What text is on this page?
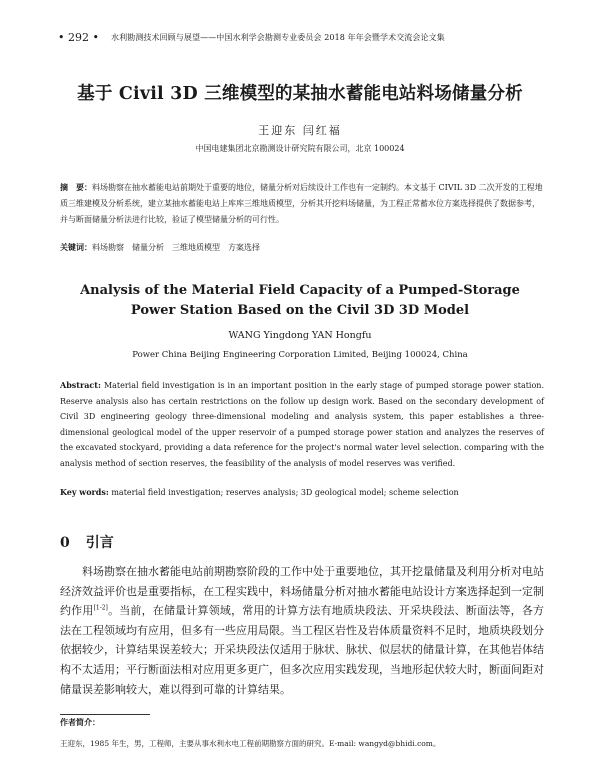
• 292 • 水利勘测技术回顾与展望——中国水利学会勘测专业委员会 2018 年年会暨学术交流会论文集
基于 Civil 3D 三维模型的某抽水蓄能电站料场储量分析
王迎东 闫红福
中国电建集团北京勘测设计研究院有限公司，北京 100024
摘　要：料场勘察在抽水蓄能电站前期处于重要的地位，储量分析对后续设计工作也有一定制约。本文基于 CIVIL 3D 二次开发的工程地质三维建模及分析系统，建立某抽水蓄能电站上库库三维地质模型，分析其开挖料场储量，为工程正常蓄水位方案选择提供了数据参考，并与断面储量分析法进行比较，验证了模型储量分析的可行性。
关键词：料场勘察 储量分析 三维地质模型 方案选择
Analysis of the Material Field Capacity of a Pumped-Storage
Power Station Based on the Civil 3D 3D Model
WANG Yingdong YAN Hongfu
Power China Beijing Engineering Corporation Limited, Beijing 100024, China
Abstract: Material field investigation is in an important position in the early stage of pumped storage power station. Reserve analysis also has certain restrictions on the follow up design work. Based on the secondary development of Civil 3D engineering geology three-dimensional modeling and analysis system, this paper establishes a three-dimensional geological model of the upper reservoir of a pumped storage power station and analyzes the reserves of the excavated stockyard, providing a data reference for the project's normal water level selection. comparing with the analysis method of section reserves, the feasibility of the analysis of model reserves was verified.
Key words: material field investigation; reserves analysis; 3D geological model; scheme selection
0 引言
料场勘察在抽水蓄能电站前期勘察阶段的工作中处于重要地位，其开挖量储量及利用分析对电站经济效益评价也是重要指标，在工程实践中，料场储量分析对抽水蓄能电站设计方案选择起到一定制约作用[1-2]。当前，在储量计算领域，常用的计算方法有地质块段法、开采块段法、断面法等，各方法在工程领域均有应用，但多有一些应用局限。当工程区岩性及岩体质量资料不足时，地质块段划分依据较少，计算结果误差较大；开采块段法仅适用于脉状、脉状、似层状的储量计算，在其他岩体结构不太适用；平行断面法相对应用更多更广，但多次应用实践发现，当地形起伏较大时，断面间距对储量误差影响较大，难以得到可靠的计算结果。
作者简介：
王迎东，1985 年生，男，工程师，主要从事水利水电工程前期勘察方面的研究。E-mail: wangyd@bhidi.com。
